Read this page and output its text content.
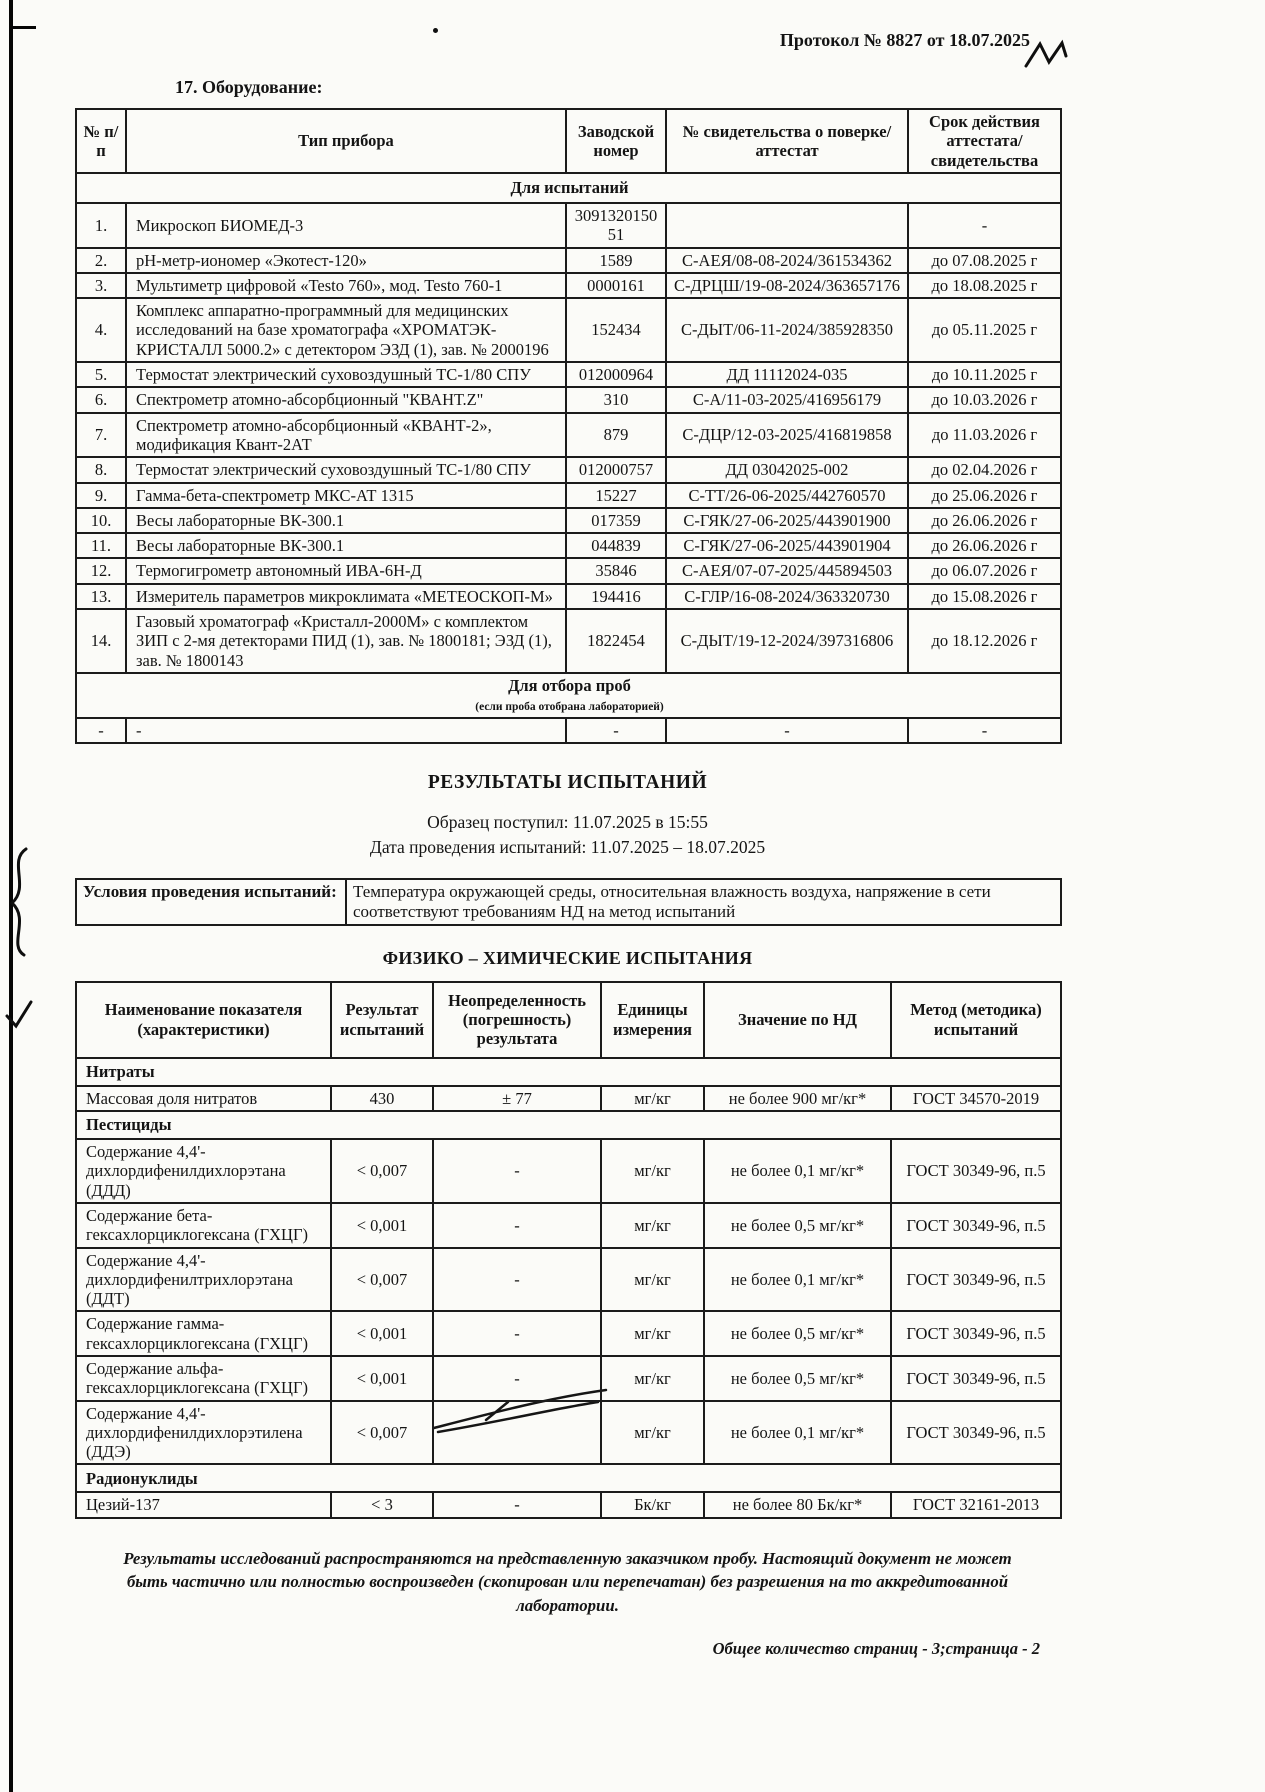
Протокол № 8827 от 18.07.2025
17. Оборудование:
№ п/п	Тип прибора	Заводской номер	№ свидетельства о поверке/аттестат	Срок действия аттестата/ свидетельства
Для испытаний				
1.	Микроскоп БИОМЕД-3	3091320150 51		-
2.	pH-метр-иономер «Экотест-120»	1589	С-АЕЯ/08-08-2024/361534362	до 07.08.2025 г
3.	Мультиметр цифровой «Testo 760», мод. Testo 760-1	0000161	С-ДРЦШ/19-08-2024/363657176	до 18.08.2025 г
4.	Комплекс аппаратно-программный для медицинских исследований на базе хроматографа «ХРОМАТЭК-КРИСТАЛЛ 5000.2» с детектором ЭЗД (1), зав. № 2000196	152434	С-ДЫТ/06-11-2024/385928350	до 05.11.2025 г
5.	Термостат электрический суховоздушный ТС-1/80 СПУ	012000964	ДД 11112024-035	до 10.11.2025 г
6.	Спектрометр атомно-абсорбционный "КВАНТ.Z"	310	С-А/11-03-2025/416956179	до 10.03.2026 г
7.	Спектрометр атомно-абсорбционный «КВАНТ-2», модификация Квант-2АТ	879	С-ДЦР/12-03-2025/416819858	до 11.03.2026 г
8.	Термостат электрический суховоздушный ТС-1/80 СПУ	012000757	ДД 03042025-002	до 02.04.2026 г
9.	Гамма-бета-спектрометр МКС-АТ 1315	15227	С-ТТ/26-06-2025/442760570	до 25.06.2026 г
10.	Весы лабораторные ВК-300.1	017359	С-ГЯК/27-06-2025/443901900	до 26.06.2026 г
11.	Весы лабораторные ВК-300.1	044839	С-ГЯК/27-06-2025/443901904	до 26.06.2026 г
12.	Термогигрометр автономный ИВА-6Н-Д	35846	С-АЕЯ/07-07-2025/445894503	до 06.07.2026 г
13.	Измеритель параметров микроклимата «МЕТЕОСКОП-М»	194416	С-ГЛР/16-08-2024/363320730	до 15.08.2026 г
14.	Газовый хроматограф «Кристалл-2000М» с комплектом ЗИП с 2-мя детекторами ПИД (1), зав. № 1800181; ЭЗД (1), зав. № 1800143	1822454	С-ДЫТ/19-12-2024/397316806	до 18.12.2026 г
Для отбора проб
(если проба отобрана лабораторией)				
-	-	-	-	-
РЕЗУЛЬТАТЫ ИСПЫТАНИЙ
Образец поступил: 11.07.2025 в 15:55
Дата проведения испытаний: 11.07.2025 – 18.07.2025
Условия проведения испытаний:	Температура окружающей среды, относительная влажность воздуха, напряжение в сети соответствуют требованиям НД на метод испытаний
ФИЗИКО – ХИМИЧЕСКИЕ ИСПЫТАНИЯ
Наименование показателя (характеристики)	Результат испытаний	Неопределенность (погрешность) результата	Единицы измерения	Значение по НД	Метод (методика) испытаний
Нитраты					
Массовая доля нитратов	430	± 77	мг/кг	не более 900 мг/кг*	ГОСТ 34570-2019
Пестициды					
Содержание 4,4'-дихлордифенилдихлорэтана (ДДД)	< 0,007	-	мг/кг	не более 0,1 мг/кг*	ГОСТ 30349-96, п.5
Содержание бета-гексахлорциклогексана (ГХЦГ)	< 0,001	-	мг/кг	не более 0,5 мг/кг*	ГОСТ 30349-96, п.5
Содержание 4,4'-дихлордифенилтрихлорэтана (ДДТ)	< 0,007	-	мг/кг	не более 0,1 мг/кг*	ГОСТ 30349-96, п.5
Содержание гамма-гексахлорциклогексана (ГХЦГ)	< 0,001	-	мг/кг	не более 0,5 мг/кг*	ГОСТ 30349-96, п.5
Содержание альфа-гексахлорциклогексана (ГХЦГ)	< 0,001	-	мг/кг	не более 0,5 мг/кг*	ГОСТ 30349-96, п.5
Содержание 4,4'-дихлордифенилдихлорэтилена (ДДЭ)	< 0,007		мг/кг	не более 0,1 мг/кг*	ГОСТ 30349-96, п.5
Радионуклиды					
Цезий-137	< 3	-	Бк/кг	не более 80 Бк/кг*	ГОСТ 32161-2013
Результаты исследований распространяются на представленную заказчиком пробу. Настоящий документ не может быть частично или полностью воспроизведен (скопирован или перепечатан) без разрешения на то аккредитованной лаборатории.
Общее количество страниц - 3;страница - 2
